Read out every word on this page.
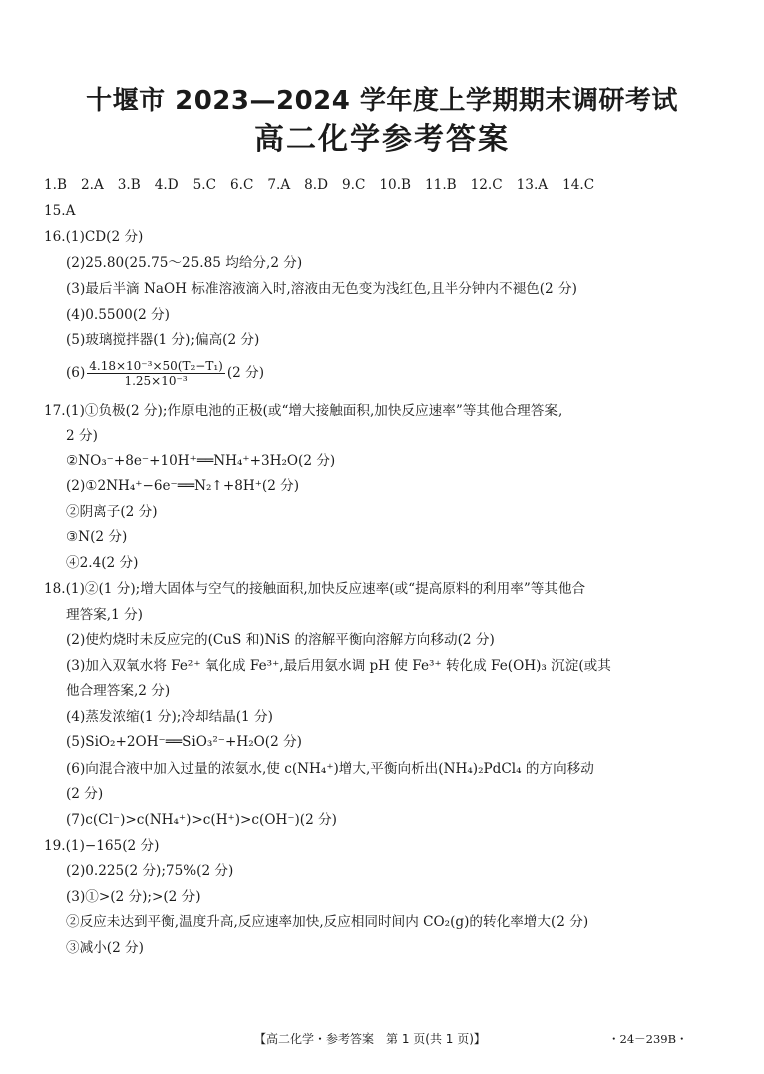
十堰市 2023—2024 学年度上学期期末调研考试
高二化学参考答案
1.B 2.A 3.B 4.D 5.C 6.C 7.A 8.D 9.C 10.B 11.B 12.C 13.A 14.C
15.A
16.(1)CD(2 分)
(2)25.80(25.75～25.85 均给分,2 分)
(3)最后半滴 NaOH 标准溶液滴入时,溶液由无色变为浅红色,且半分钟内不褪色(2 分)
(4)0.5500(2 分)
(5)玻璃搅拌器(1 分);偏高(2 分)
$(6) \frac{\text{4.18×10⁻³×50(T₂−T₁)}}{\text{1.25×10⁻³}} (2$ 分)
17.(1)①负极(2 分);作原电池的正极(或“增大接触面积,加快反应速率”等其他合理答案,
2 分)
②NO₃⁻+8e⁻+10H⁺══NH₄⁺+3H₂O(2 分)
(2)①2NH₄⁺−6e⁻══N₂↑+8H⁺(2 分)
②阴离子(2 分)
③N(2 分)
④2.4(2 分)
18.(1)②(1 分);增大固体与空气的接触面积,加快反应速率(或“提高原料的利用率”等其他合
理答案,1 分)
(2)使灼烧时未反应完的(CuS 和)NiS 的溶解平衡向溶解方向移动(2 分)
(3)加入双氧水将 Fe²⁺ 氧化成 Fe³⁺,最后用氨水调 pH 使 Fe³⁺ 转化成 Fe(OH)₃ 沉淀(或其
他合理答案,2 分)
(4)蒸发浓缩(1 分);冷却结晶(1 分)
(5)SiO₂+2OH⁻══SiO₃²⁻+H₂O(2 分)
(6)向混合液中加入过量的浓氨水,使 c(NH₄⁺)增大,平衡向析出(NH₄)₂PdCl₄ 的方向移动
(2 分)
(7)c(Cl⁻)>c(NH₄⁺)>c(H⁺)>c(OH⁻)(2 分)
19.(1)−165(2 分)
(2)0.225(2 分);75%(2 分)
(3)①>(2 分);>(2 分)
②反应未达到平衡,温度升高,反应速率加快,反应相同时间内 CO₂(g)的转化率增大(2 分)
③减小(2 分)
【高二化学・参考答案　第 1 页(共 1 页)】	・24－239B・
